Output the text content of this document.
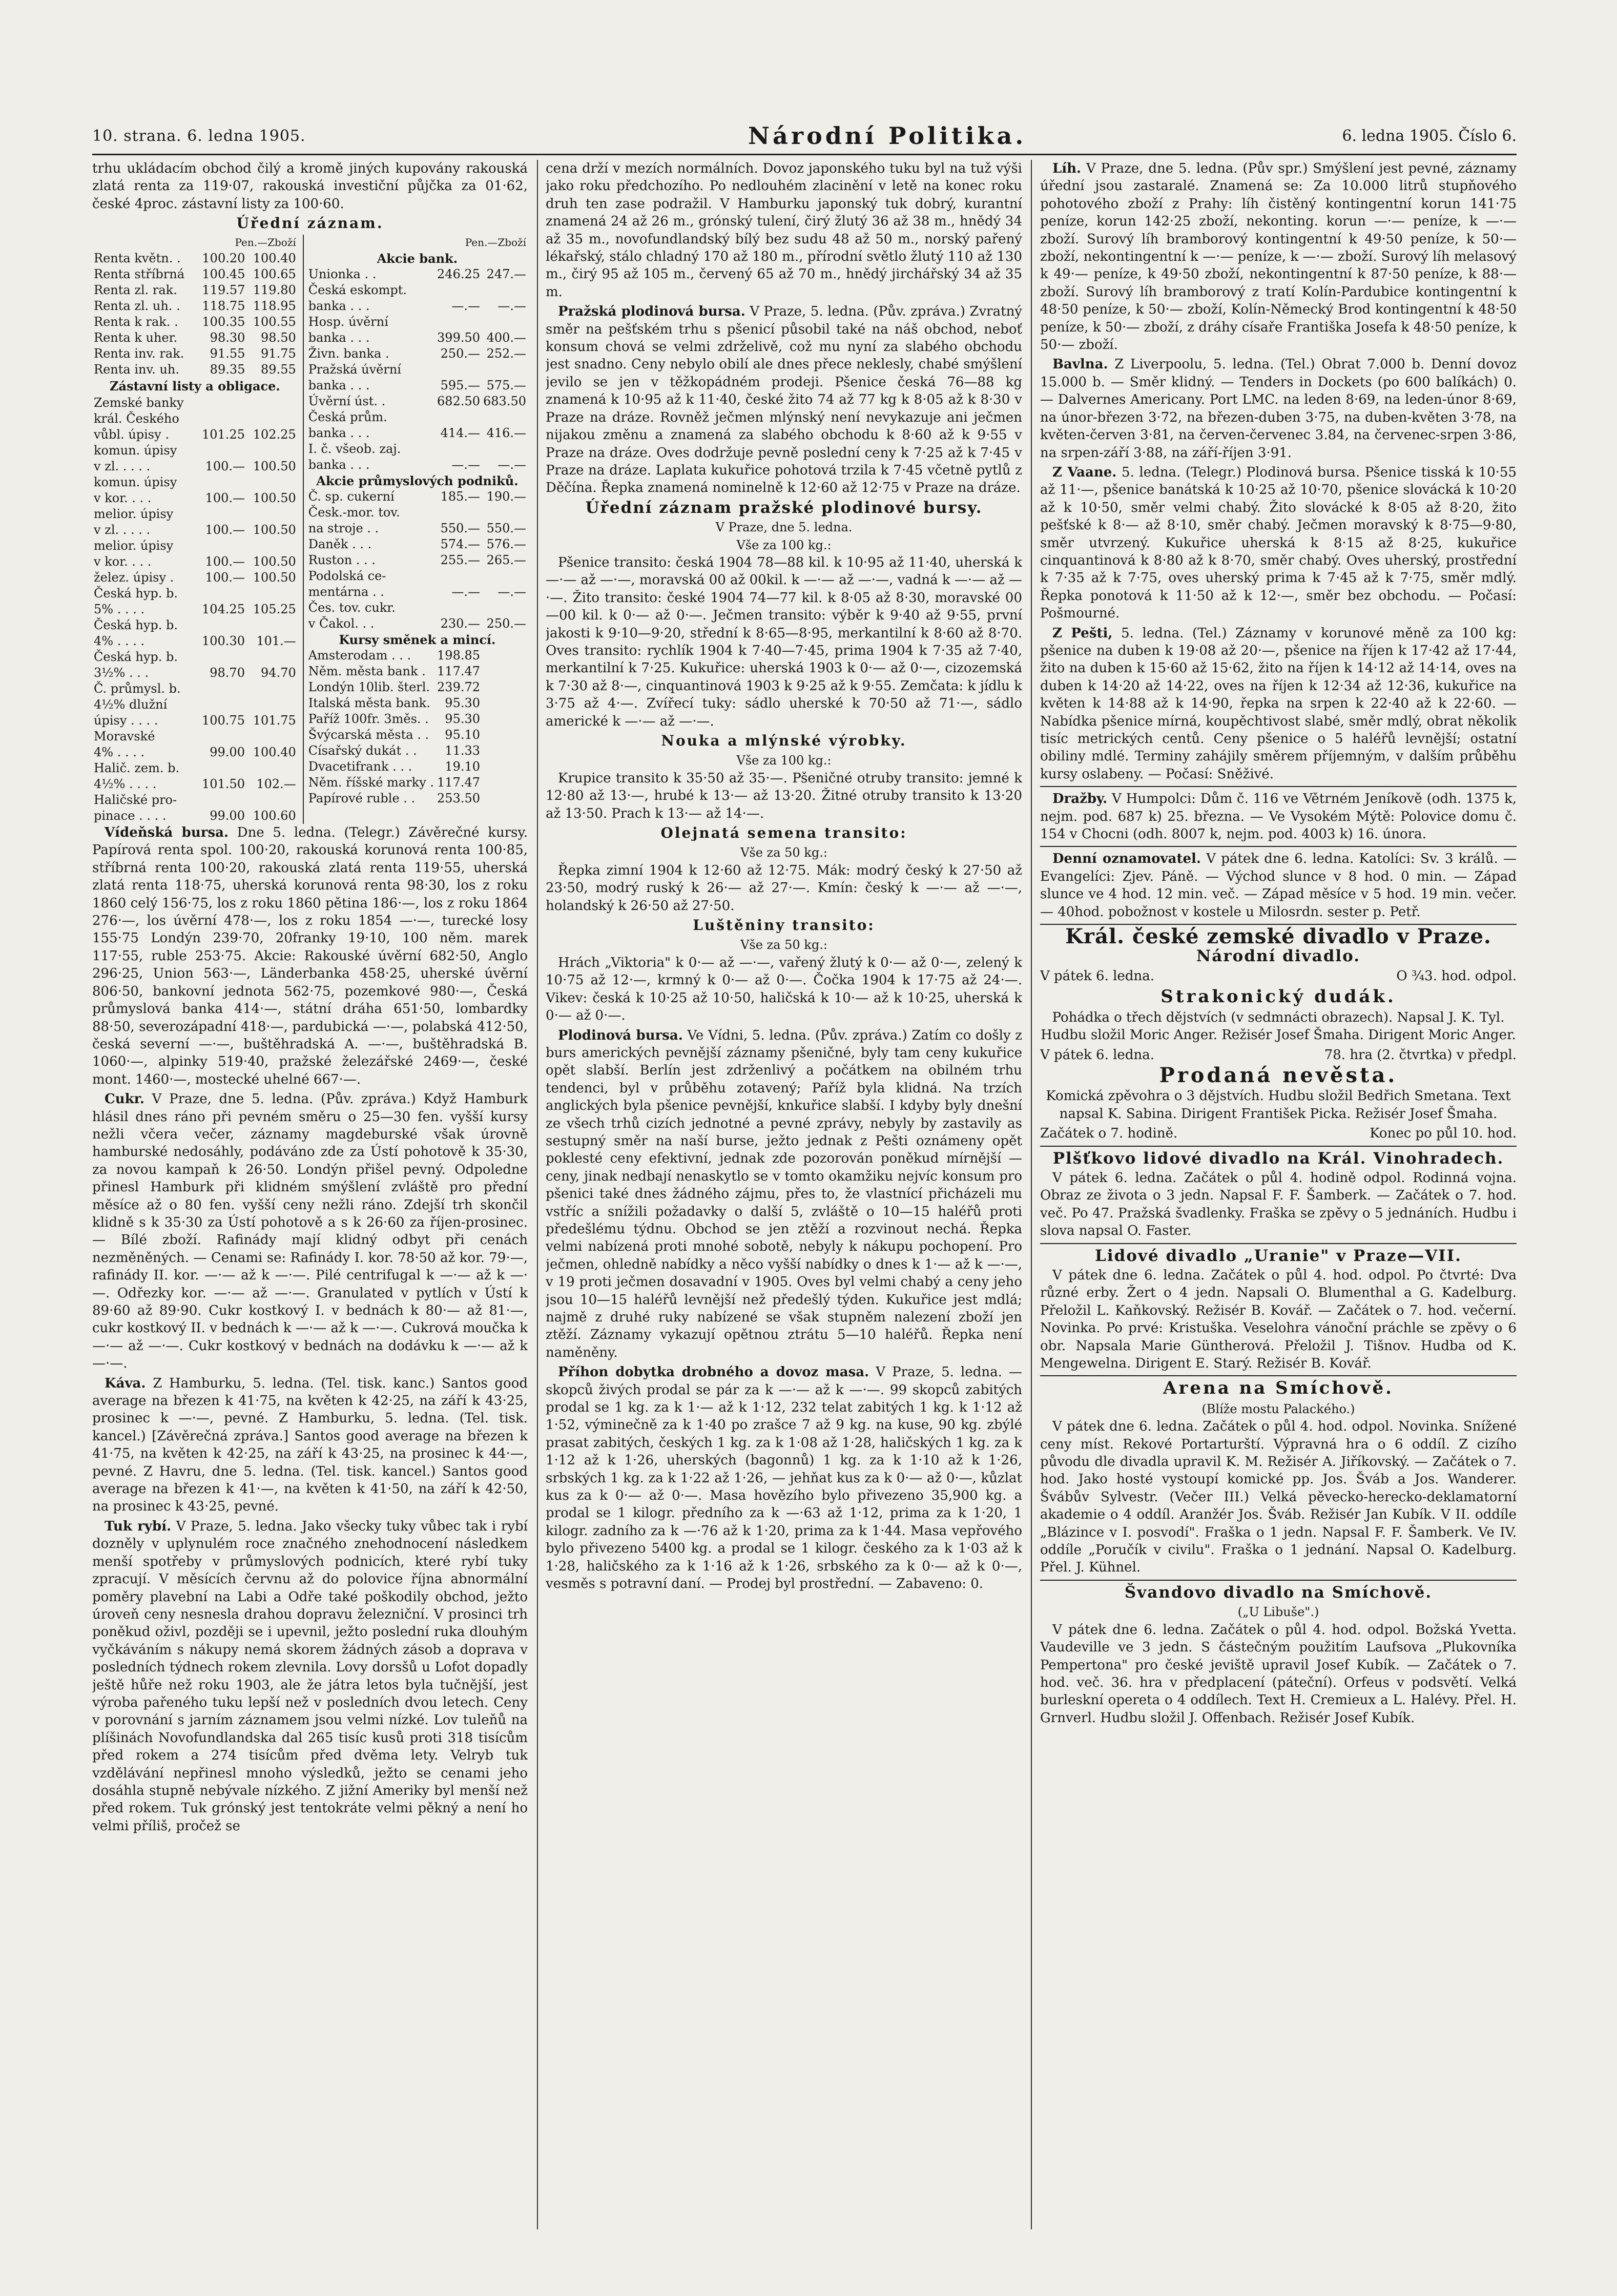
10. strana. 6. ledna 1905.	Národní Politika.	6. ledna 1905. Číslo 6.

trhu ukládacím obchod čilý a kromě jiných kupovány rakouská zlatá renta za 119·07, rakouská investiční půjčka za 01·62, české 4proc. zástavní listy za 100·60.

Úřední záznam.
	Pen.—Zboží	
Renta květn. .	100.20	100.40
Renta stříbrná	100.45	100.65
Renta zl. rak.	119.57	119.80
Renta zl. uh. .	118.75	118.95
Renta k rak. .	100.35	100.55
Renta k uher.	98.30	98.50
Renta inv. rak.	91.55	91.75
Renta inv. uh.	89.35	89.55
Zástavní listy a obligace.
Zemské banky		
král. Českého		
vůbl. úpisy .	101.25	102.25
komun. úpisy		
v zl. . . . .	100.—	100.50
komun. úpisy		
v kor. . . .	100.—	100.50
melior. úpisy		
v zl. . . . .	100.—	100.50
melior. úpisy		
v kor. . . .	100.—	100.50
želez. úpisy .	100.—	100.50
Česká hyp. b.		
5% . . . .	104.25	105.25
Česká hyp. b.		
4% . . . .	100.30	101.—
Česká hyp. b.		
3½% . . .	98.70	94.70
Č. průmysl. b.		
4½% dlužní		
úpisy . . . .	100.75	101.75
Moravské		
4% . . . .	99.00	100.40
Halič. zem. b.		
4½% . . . .	101.50	102.—
Haličské pro-		
pinace . . . .	99.00	100.60
	Pen.—Zboží	
Akcie bank.		
Unionka . .	246.25	247.—
Česká eskompt.		
banka . . .	—.—	—.—
Hosp. úvěrní		
banka . . .	399.50	400.—
Živn. banka .	250.—	252.—
Pražská úvěrní		
banka . . .	595.—	575.—
Úvěrní úst. .	682.50	683.50
Česká prům.		
banka . . .	414.—	416.—
I. č. všeob. zaj.		
banka . . .	—.—	—.—
Akcie průmyslových podniků.		
Č. sp. cukerní	185.—	190.—
Česk.-mor. tov.		
na stroje . .	550.—	550.—
Daněk . . .	574.—	576.—
Ruston . . .	255.—	265.—
Podolská ce-		
mentárna . .	—.—	—.—
Čes. tov. cukr.		
v Čakol. . .	230.—	250.—
Kursy směnek a mincí.		
Amsterodam . . .	198.85	
Něm. města bank .	117.47	
Londýn 10lib. šterl.	239.72	
Italská města bank.	95.30	
Paříž 100fr. 3měs. .	95.30	
Švýcarská města . .	95.10	
Císařský dukát . .	11.33	
Dvacetifrank . . .	19.10	
Něm. říšské marky .	117.47	
Papírové ruble . .	253.50	

Vídeňská bursa. Dne 5. ledna. (Telegr.) Závěrečné kursy. Papírová renta spol. 100·20, rakouská korunová renta 100·85, stříbrná renta 100·20, rakouská zlatá renta 119·55, uherská zlatá renta 118·75, uherská korunová renta 98·30, los z roku 1860 celý 156·75, los z roku 1860 pětina 186·—, los z roku 1864 276·—, los úvěrní 478·—, los z roku 1854 —·—, turecké losy 155·75 Londýn 239·70, 20franky 19·10, 100 něm. marek 117·55, ruble 253·75. Akcie: Rakouské úvěrní 682·50, Anglo 296·25, Union 563·—, Länderbanka 458·25, uherské úvěrní 806·50, bankovní jednota 562·75, pozemkové 980·—, Česká průmyslová banka 414·—, státní dráha 651·50, lombardky 88·50, severozápadní 418·—, pardubická —·—, polabská 412·50, česká severní —·—, buštěhradská A. —·—, buštěhradská B. 1060·—, alpinky 519·40, pražské železářské 2469·—, české mont. 1460·—, mostecké uhelné 667·—.

Cukr. V Praze, dne 5. ledna. (Pův. zpráva.) Když Hamburk hlásil dnes ráno při pevném směru o 25—30 fen. vyšší kursy nežli včera večer, záznamy magdeburské však úrovně hamburské nedosáhly, podáváno zde za Ústí pohotově k 35·30, za novou kampaň k 26·50. Londýn přišel pevný. Odpoledne přinesl Hamburk při klidném smýšlení zvláště pro přední měsíce až o 80 fen. vyšší ceny nežli ráno. Zdejší trh skončil klidně s k 35·30 za Ústí pohotově a s k 26·60 za říjen-prosinec. — Bílé zboží. Rafinády mají klidný odbyt při cenách nezměněných. — Cenami se: Rafinády I. kor. 78·50 až kor. 79·—, rafinády II. kor. —·— až k —·—. Pilé centrifugal k —·— až k —·—. Odřezky kor. —·— až —·—. Granulated v pytlích v Ústí k 89·60 až 89·90. Cukr kostkový I. v bednách k 80·— až 81·—, cukr kostkový II. v bednách k —·— až k —·—. Cukrová moučka k —·— až —·—. Cukr kostkový v bednách na dodávku k —·— až k —·—.

Káva. Z Hamburku, 5. ledna. (Tel. tisk. kanc.) Santos good average na březen k 41·75, na květen k 42·25, na září k 43·25, prosinec k —·—, pevné. Z Hamburku, 5. ledna. (Tel. tisk. kancel.) [Závěrečná zpráva.] Santos good average na březen k 41·75, na květen k 42·25, na září k 43·25, na prosinec k 44·—, pevné. Z Havru, dne 5. ledna. (Tel. tisk. kancel.) Santos good average na březen k 41·—, na květen k 41·50, na září k 42·50, na prosinec k 43·25, pevné.

Tuk rybí. V Praze, 5. ledna. Jako všecky tuky vůbec tak i rybí dozněly v uplynulém roce značného znehodnocení následkem menší spotřeby v průmyslových podnicích, které rybí tuky zpracují. V měsících červnu až do polovice října abnormální poměry plavební na Labi a Odře také poškodily obchod, ježto úroveň ceny nesnesla drahou dopravu železniční. V prosinci trh poněkud oživl, později se i upevnil, ježto poslední ruka dlouhým vyčkáváním s nákupy nemá skorem žádných zásob a doprava v posledních týdnech rokem zlevnila. Lovy dorsšů u Lofot dopadly ještě hůře než roku 1903, ale že játra letos byla tučnější, jest výroba pařeného tuku lepší než v posledních dvou letech. Ceny v porovnání s jarním záznamem jsou velmi nízké. Lov tuleňů na plíšinách Novofundlandska dal 265 tisíc kusů proti 318 tisícům před rokem a 274 tisícům před dvěma lety. Velryb tuk vzdělávání nepřinesl mnoho výsledků, ježto se cenami jeho dosáhla stupně nebývale nízkého. Z jižní Ameriky byl menší než před rokem. Tuk grónský jest tentokráte velmi pěkný a není ho velmi příliš, pročež se

cena drží v mezích normálních. Dovoz japonského tuku byl na tuž výši jako roku předchozího. Po nedlouhém zlacinění v letě na konec roku druh ten zase podražil. V Hamburku japonský tuk dobrý, kurantní znamená 24 až 26 m., grónský tulení, čirý žlutý 36 až 38 m., hnědý 34 až 35 m., novofundlandský bílý bez sudu 48 až 50 m., norský pařený lékařský, stálo chladný 170 až 180 m., přírodní světlo žlutý 110 až 130 m., čirý 95 až 105 m., červený 65 až 70 m., hnědý jirchářský 34 až 35 m.

Pražská plodinová bursa. V Praze, 5. ledna. (Pův. zpráva.) Zvratný směr na pešťském trhu s pšenicí působil také na náš obchod, neboť konsum chová se velmi zdrželivě, což mu nyní za slabého obchodu jest snadno. Ceny nebylo obilí ale dnes přece neklesly, chabé smýšlení jevilo se jen v těžkopádném prodeji. Pšenice česká 76—88 kg znamená k 10·95 až k 11·40, české žito 74 až 77 kg k 8·05 až k 8·30 v Praze na dráze. Rovněž ječmen mlýnský není nevykazuje ani ječmen nijakou změnu a znamená za slabého obchodu k 8·60 až k 9·55 v Praze na dráze. Oves dodržuje pevně poslední ceny k 7·25 až k 7·45 v Praze na dráze. Laplata kukuřice pohotová trzila k 7·45 včetně pytlů z Děčína. Řepka znamená nominelně k 12·60 až 12·75 v Praze na dráze.

Úřední záznam pražské plodinové bursy.
V Praze, dne 5. ledna.
Vše za 100 kg.:

Pšenice transito: česká 1904 78—88 kil. k 10·95 až 11·40, uherská k —·— až —·—, moravská 00 až 00kil. k —·— až —·—, vadná k —·— až —·—. Žito transito: české 1904 74—77 kil. k 8·05 až 8·30, moravské 00—00 kil. k 0·— až 0·—. Ječmen transito: výběr k 9·40 až 9·55, první jakosti k 9·10—9·20, střední k 8·65—8·95, merkantilní k 8·60 až 8·70. Oves transito: rychlík 1904 k 7·40—7·45, prima 1904 k 7·35 až 7·40, merkantilní k 7·25. Kukuřice: uherská 1903 k 0·— až 0·—, cizozemská k 7·30 až 8·—, cinquantinová 1903 k 9·25 až k 9·55. Zemčata: k jídlu k 3·75 až 4·—. Zvířecí tuky: sádlo uherské k 70·50 až 71·—, sádlo americké k —·— až —·—.

Nouka a mlýnské výrobky.
Vše za 100 kg.:

Krupice transito k 35·50 až 35·—. Pšeničné otruby transito: jemné k 12·80 až 13·—, hrubé k 13·— až 13·20. Žitné otruby transito k 13·20 až 13·50. Prach k 13·— až 14·—.

Olejnatá semena transito:
Vše za 50 kg.:

Řepka zimní 1904 k 12·60 až 12·75. Mák: modrý český k 27·50 až 23·50, modrý ruský k 26·— až 27·—. Kmín: český k —·— až —·—, holandský k 26·50 až 27·50.

Luštěniny transito:
Vše za 50 kg.:

Hrách „Viktoria" k 0·— až —·—, vařený žlutý k 0·— až 0·—, zelený k 10·75 až 12·—, krmný k 0·— až 0·—. Čočka 1904 k 17·75 až 24·—. Vikev: česká k 10·25 až 10·50, haličská k 10·— až k 10·25, uherská k 0·— až 0·—.

Plodinová bursa. Ve Vídni, 5. ledna. (Pův. zpráva.) Zatím co došly z burs amerických pevnější záznamy pšeničné, byly tam ceny kukuřice opět slabší. Berlín jest zdrženlivý a počátkem na obilném trhu tendenci, byl v průběhu zotavený; Paříž byla klidná. Na trzích anglických byla pšenice pevnější, knkuřice slabší. I kdyby byly dnešní ze všech trhů cizích jednotné a pevné zprávy, nebyly by zastavily as sestupný směr na naší burse, ježto jednak z Pešti oznámeny opět poklesté ceny efektivní, jednak zde pozorován poněkud mírnější — ceny, jinak nedbají nenaskytlo se v tomto okamžiku nejvíc konsum pro pšenici také dnes žádného zájmu, přes to, že vlastnící přicházeli mu vstříc a snížili požadavky o další 5, zvláště o 10—15 haléřů proti předešlému týdnu. Obchod se jen ztěží a rozvinout nechá. Řepka velmi nabízená proti mnohé sobotě, nebyly k nákupu pochopení. Pro ječmen, ohledně nabídky a něco vyšší nabídky o dnes k 1·— až k —·—, v 19 proti ječmen dosavadní v 1905. Oves byl velmi chabý a ceny jeho jsou 10—15 haléřů levnější než předešlý týden. Kukuřice jest mdlá; najmě z druhé ruky nabízené se však stupněm nalezení zboží jen ztěží. Záznamy vykazují opětnou ztrátu 5—10 haléřů. Řepka není naměněny.

Příhon dobytka drobného a dovoz masa. V Praze, 5. ledna. — skopců živých prodal se pár za k —·— až k —·—. 99 skopců zabitých prodal se 1 kg. za k 1·— až k 1·12, 232 telat zabitých 1 kg. k 1·12 až 1·52, výminečně za k 1·40 po zrašce 7 až 9 kg. na kuse, 90 kg. zbýlé prasat zabitých, českých 1 kg. za k 1·08 až 1·28, haličských 1 kg. za k 1·12 až k 1·26, uherských (bagonnů) 1 kg. za k 1·10 až k 1·26, srbských 1 kg. za k 1·22 až 1·26, — jehňat kus za k 0·— až 0·—, kůzlat kus za k 0·— až 0·—. Masa hovězího bylo přivezeno 35,900 kg. a prodal se 1 kilogr. předního za k —·63 až 1·12, prima za k 1·20, 1 kilogr. zadního za k —·76 až k 1·20, prima za k 1·44. Masa vepřového bylo přivezeno 5400 kg. a prodal se 1 kilogr. českého za k 1·03 až k 1·28, haličského za k 1·16 až k 1·26, srbského za k 0·— až k 0·—, vesměs s potravní daní. — Prodej byl prostřední. — Zabaveno: 0.

Líh. V Praze, dne 5. ledna. (Pův spr.) Smýšlení jest pevné, záznamy úřední jsou zastaralé. Znamená se: Za 10.000 litrů stupňového pohotového zboží z Prahy: líh čistěný kontingentní korun 141·75 peníze, korun 142·25 zboží, nekonting. korun —·— peníze, k —·— zboží. Surový líh bramborový kontingentní k 49·50 peníze, k 50·— zboží, nekontingentní k —·— peníze, k —·— zboží. Surový líh melasový k 49·— peníze, k 49·50 zboží, nekontingentní k 87·50 peníze, k 88·— zboží. Surový líh bramborový z tratí Kolín-Pardubice kontingentní k 48·50 peníze, k 50·— zboží, Kolín-Německý Brod kontingentní k 48·50 peníze, k 50·— zboží, z dráhy císaře Františka Josefa k 48·50 peníze, k 50·— zboží.

Bavlna. Z Liverpoolu, 5. ledna. (Tel.) Obrat 7.000 b. Denní dovoz 15.000 b. — Směr klidný. — Tenders in Dockets (po 600 balíkách) 0. — Dalvernes Americany. Port LMC. na leden 8·69, na leden-únor 8·69, na únor-březen 3·72, na březen-duben 3·75, na duben-květen 3·78, na květen-červen 3·81, na červen-červenec 3.84, na červenec-srpen 3·86, na srpen-září 3·88, na září-říjen 3·91.

Z Vaane. 5. ledna. (Telegr.) Plodinová bursa. Pšenice tisská k 10·55 až 11·—, pšenice banátská k 10·25 až 10·70, pšenice slovácká k 10·20 až k 10·50, směr velmi chabý. Žito slovácké k 8·05 až 8·20, žito pešťské k 8·— až 8·10, směr chabý. Ječmen moravský k 8·75—9·80, směr utvrzený. Kukuřice uherská k 8·15 až 8·25, kukuřice cinquantinová k 8·80 až k 8·70, směr chabý. Oves uherský, prostřední k 7·35 až k 7·75, oves uherský prima k 7·45 až k 7·75, směr mdlý. Řepka ponotová k 11·50 až k 12·—, směr bez obchodu. — Počasí: Pošmourné.

Z Pešti, 5. ledna. (Tel.) Záznamy v korunové měně za 100 kg: pšenice na duben k 19·08 až 20·—, pšenice na říjen k 17·42 až 17·44, žito na duben k 15·60 až 15·62, žito na říjen k 14·12 až 14·14, oves na duben k 14·20 až 14·22, oves na říjen k 12·34 až 12·36, kukuřice na květen k 14·88 až k 14·90, řepka na srpen k 22·40 až k 22·60. — Nabídka pšenice mírná, koupěchtivost slabé, směr mdlý, obrat několik tisíc metrických centů. Ceny pšenice o 5 haléřů levnější; ostatní obiliny mdlé. Terminy zahájily směrem příjemným, v dalším průběhu kursy oslabeny. — Počasí: Sněživé.

Dražby. V Humpolci: Dům č. 116 ve Větrném Jeníkově (odh. 1375 k, nejm. pod. 687 k) 25. března. — Ve Vysokém Mýtě: Polovice domu č. 154 v Chocni (odh. 8007 k, nejm. pod. 4003 k) 16. února.

Denní oznamovatel. V pátek dne 6. ledna. Katolíci: Sv. 3 králů. — Evangelíci: Zjev. Páně. — Východ slunce v 8 hod. 0 min. — Západ slunce ve 4 hod. 12 min. več. — Západ měsíce v 5 hod. 19 min. večer. — 40hod. pobožnost v kostele u Milosrdn. sester p. Petř.

Král. české zemské divadlo v Praze.
Národní divadlo.
V pátek 6. ledna.	O ¾3. hod. odpol.
Strakonický dudák.

Pohádka o třech dějstvích (v sedmnácti obrazech). Napsal J. K. Tyl. Hudbu složil Moric Anger. Režisér Josef Šmaha. Dirigent Moric Anger.

V pátek 6. ledna.	78. hra (2. čtvrtka) v předpl.
Prodaná nevěsta.

Komická zpěvohra o 3 dějstvích. Hudbu složil Bedřich Smetana. Text napsal K. Sabina. Dirigent František Picka. Režisér Josef Šmaha.

Začátek o 7. hodině.	Konec po půl 10. hod.
Plšťkovo lidové divadlo na Král. Vinohradech.

V pátek 6. ledna. Začátek o půl 4. hodině odpol. Rodinná vojna. Obraz ze života o 3 jedn. Napsal F. F. Šamberk. — Začátek o 7. hod. več. Po 47. Pražská švadlenky. Fraška se zpěvy o 5 jednáních. Hudbu i slova napsal O. Faster.

Lidové divadlo „Uranie" v Praze—VII.

V pátek dne 6. ledna. Začátek o půl 4. hod. odpol. Po čtvrté: Dva různé erby. Žert o 4 jedn. Napsali O. Blumenthal a G. Kadelburg. Přeložil L. Kaňkovský. Režisér B. Kovář. — Začátek o 7. hod. večerní. Novinka. Po prvé: Kristuška. Veselohra vánoční práchle se zpěvy o 6 obr. Napsala Marie Güntherová. Přeložil J. Tišnov. Hudba od K. Mengewelna. Dirigent E. Starý. Režisér B. Kovář.

Arena na Smíchově.
(Blíže mostu Palackého.)

V pátek dne 6. ledna. Začátek o půl 4. hod. odpol. Novinka. Snížené ceny míst. Rekové Portarturští. Výpravná hra o 6 oddíl. Z cizího původu dle divadla upravil K. M. Režisér A. Jiříkovský. — Začátek o 7. hod. Jako hosté vystoupí komické pp. Jos. Šváb a Jos. Wanderer. Švábův Sylvestr. (Večer III.) Velká pěvecko-herecko-deklamatorní akademie o 4 oddíl. Aranžér Jos. Šváb. Režisér Jan Kubík. V II. oddíle „Blázince v I. posvodí". Fraška o 1 jedn. Napsal F. F. Šamberk. Ve IV. oddíle „Poručík v civilu". Fraška o 1 jednání. Napsal O. Kadelburg. Přel. J. Kühnel.

Švandovo divadlo na Smíchově.
(„U Libuše".)

V pátek dne 6. ledna. Začátek o půl 4. hod. odpol. Božská Yvetta. Vaudeville ve 3 jedn. S částečným použitím Laufsova „Plukovníka Pempertona" pro české jeviště upravil Josef Kubík. — Začátek o 7. hod. več. 36. hra v předplacení (páteční). Orfeus v podsvětí. Velká burleskní opereta o 4 oddílech. Text H. Cremieux a L. Halévy. Přel. H. Grnverl. Hudbu složil J. Offenbach. Režisér Josef Kubík.
